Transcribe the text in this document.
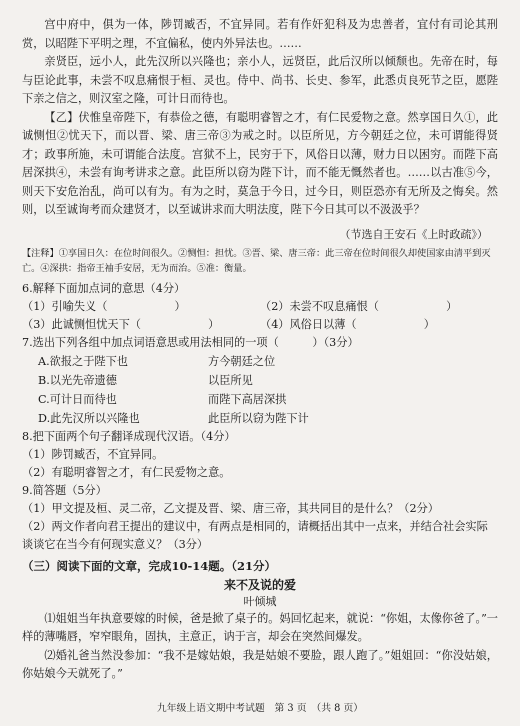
宫中府中，俱为一体，陟罚臧否，不宜异同。若有作奸犯科及为忠善者，宜付有司论其刑赏，以昭陛下平明之理，不宜偏私，使内外异法也。……

亲贤臣，远小人，此先汉所以兴隆也；亲小人，远贤臣，此后汉所以倾颓也。先帝在时，每与臣论此事，未尝不叹息痛恨于桓、灵也。侍中、尚书、长史、参军，此悉贞良死节之臣，愿陛下亲之信之，则汉室之隆，可计日而待也。

【乙】伏惟皇帝陛下，有恭俭之德，有聪明睿智之才，有仁民爱物之意。然享国日久①，此诚恻怛②忧天下，而以晋、梁、唐三帝③为戒之时。以臣所见，方今朝廷之位，未可谓能得贤才；政事所施，未可谓能合法度。宫狱不上，民穷于下，风俗日以薄，财力日以困穷。而陛下高居深拱④，未尝有询考讲求之意。此臣所以窃为陛下计，而不能无慨然者也。……以古准⑤今，则天下安危治乱，尚可以有为。有为之时，莫急于今日，过今日，则臣恐亦有无所及之悔矣。然则，以至诚询考而众建贤才，以至诚讲求而大明法度，陛下今日其可以不汲汲乎？

（节选自王安石《上时政疏》）
【注释】①享国日久：在位时间很久。②恻怛：担忧。③晋、梁、唐三帝：此三帝在位时间很久却使国家由清平到灭亡。④深拱：指帝王袖手安居，无为而治。⑤准：衡量。

6.解释下面加点词的意思（4分）

（1）引喻失义（　　　　　　）	（2）未尝不叹息痛恨（　　　　　　）
（3）此诚恻怛忧天下（　　　　　　）	（4）风俗日以薄（　　　　　　）

7.选出下列各组中加点词语意思或用法相同的一项（　　　）（3分）

A.欲报之于陛下也	方今朝廷之位
B.以光先帝遗德	以臣所见
C.可计日而待也	而陛下高居深拱
D.此先汉所以兴隆也	此臣所以窃为陛下计

8.把下面两个句子翻译成现代汉语。（4分）

（1）陟罚臧否，不宜异同。

（2）有聪明睿智之才，有仁民爱物之意。

9.简答题（5分）

（1）甲文提及桓、灵二帝，乙文提及晋、梁、唐三帝，其共同目的是什么？（2分）

（2）两文作者向君王提出的建议中，有两点是相同的，请概括出其中一点来，并结合社会实际谈谈它在当今有何现实意义？（3分）

（三）阅读下面的文章，完成10-14题。（21分）
来不及说的爱
叶倾城

⑴姐姐当年执意要嫁的时候，爸是掀了桌子的。妈回忆起来，就说：“你姐，太像你爸了。”一样的薄嘴唇，窄窄眼角，固执，主意正，讷于言，却会在突然间爆发。

⑵婚礼爸当然没参加：“我不是嫁姑娘，我是姑娘不要脸，跟人跑了。”姐姐回：“你没姑娘，你姑娘今天就死了。”

九年级上语文期中考试题　第 3 页　（共 8 页）
